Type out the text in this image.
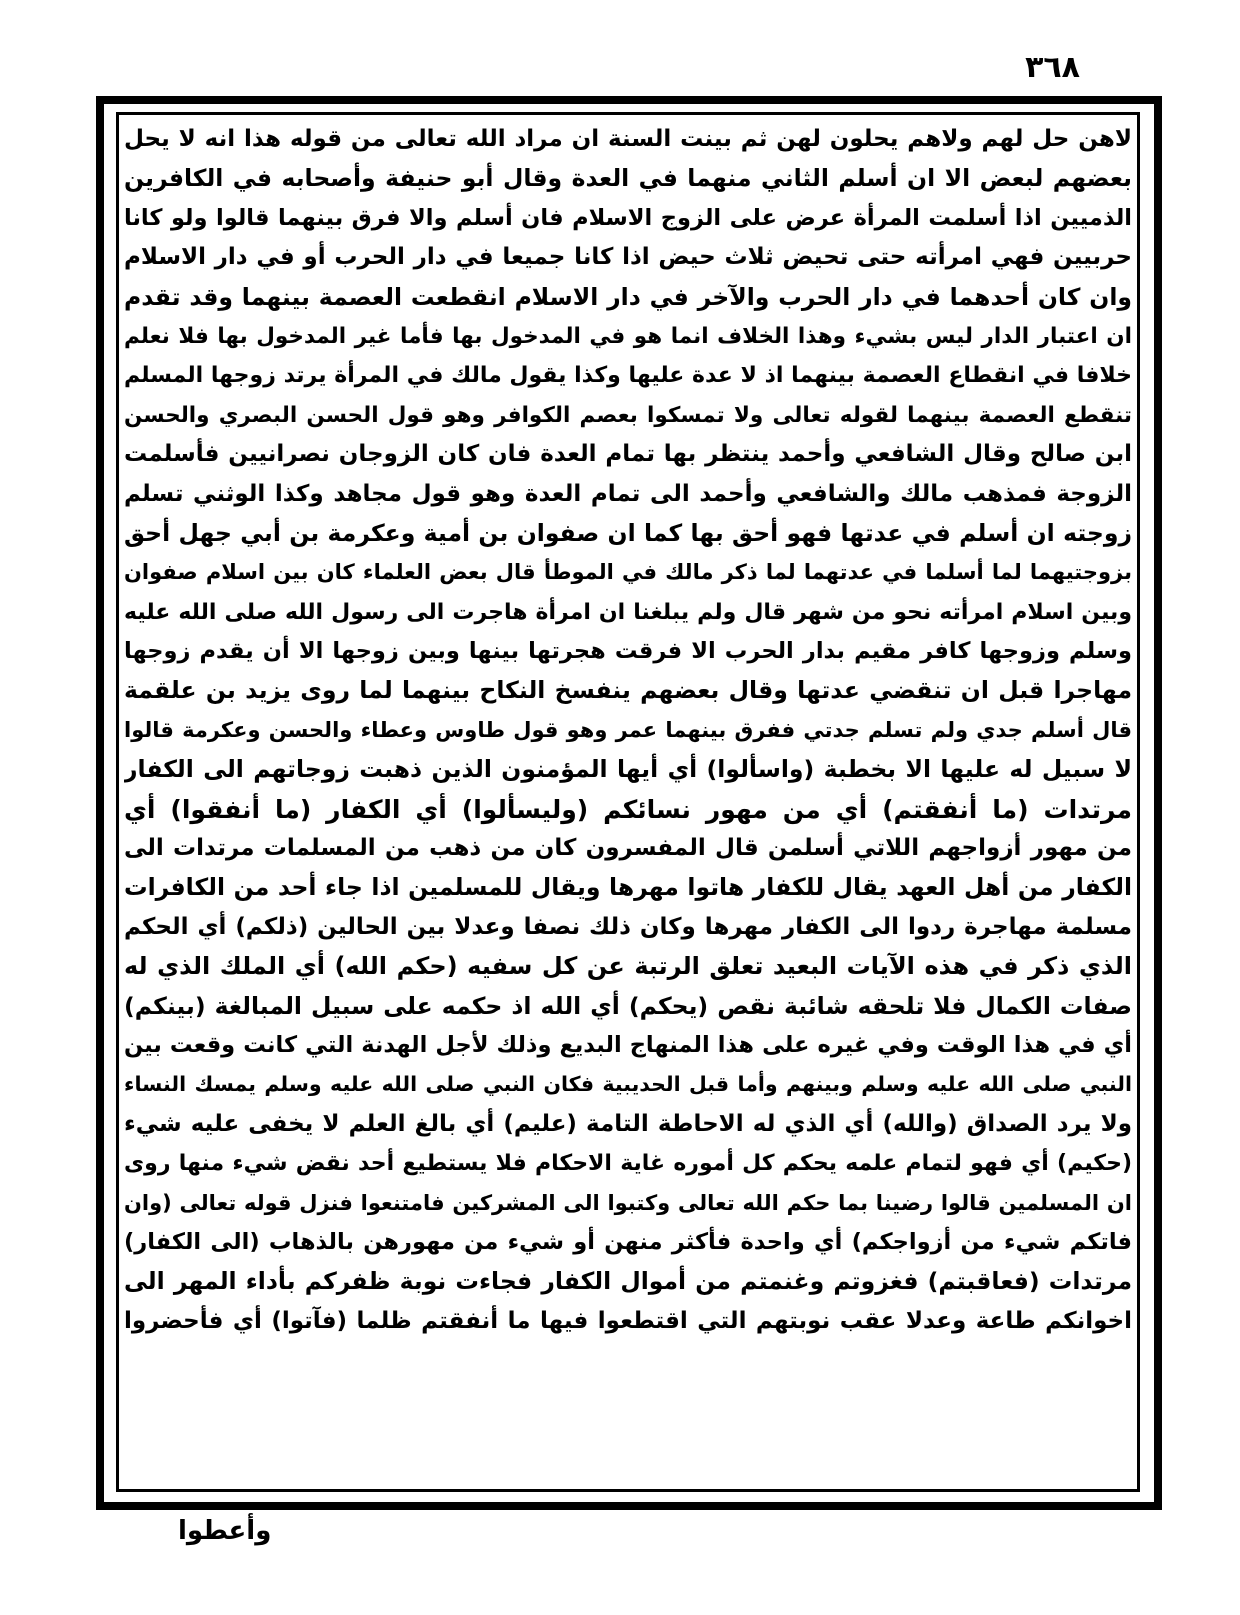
٣٦٨
لاهن حل لهم ولاهم يحلون لهن ثم بينت السنة ان مراد الله تعالى من قوله هذا انه لا يحل
بعضهم لبعض الا ان أسلم الثاني منهما في العدة وقال أبو حنيفة وأصحابه في الكافرين
الذميين اذا أسلمت المرأة عرض على الزوج الاسلام فان أسلم والا فرق بينهما قالوا ولو كانا
حربيين فهي امرأته حتى تحيض ثلاث حيض اذا كانا جميعا في دار الحرب أو في دار الاسلام
وان كان أحدهما في دار الحرب والآخر في دار الاسلام انقطعت العصمة بينهما وقد تقدم
ان اعتبار الدار ليس بشيء وهذا الخلاف انما هو في المدخول بها فأما غير المدخول بها فلا نعلم
خلافا في انقطاع العصمة بينهما اذ لا عدة عليها وكذا يقول مالك في المرأة يرتد زوجها المسلم
تنقطع العصمة بينهما لقوله تعالى ولا تمسكوا بعصم الكوافر وهو قول الحسن البصري والحسن
ابن صالح وقال الشافعي وأحمد ينتظر بها تمام العدة فان كان الزوجان نصرانيين فأسلمت
الزوجة فمذهب مالك والشافعي وأحمد الى تمام العدة وهو قول مجاهد وكذا الوثني تسلم
زوجته ان أسلم في عدتها فهو أحق بها كما ان صفوان بن أمية وعكرمة بن أبي جهل أحق
بزوجتيهما لما أسلما في عدتهما لما ذكر مالك في الموطأ قال بعض العلماء كان بين اسلام صفوان
وبين اسلام امرأته نحو من شهر قال ولم يبلغنا ان امرأة هاجرت الى رسول الله صلى الله عليه
وسلم وزوجها كافر مقيم بدار الحرب الا فرقت هجرتها بينها وبين زوجها الا أن يقدم زوجها
مهاجرا قبل ان تنقضي عدتها وقال بعضهم ينفسخ النكاح بينهما لما روى يزيد بن علقمة
قال أسلم جدي ولم تسلم جدتي ففرق بينهما عمر وهو قول طاوس وعطاء والحسن وعكرمة قالوا
لا سبيل له عليها الا بخطبة (واسألوا) أي أيها المؤمنون الذين ذهبت زوجاتهم الى الكفار
مرتدات (ما أنفقتم) أي من مهور نسائكم (وليسألوا) أي الكفار (ما أنفقوا) أي
من مهور أزواجهم اللاتي أسلمن قال المفسرون كان من ذهب من المسلمات مرتدات الى
الكفار من أهل العهد يقال للكفار هاتوا مهرها ويقال للمسلمين اذا جاء أحد من الكافرات
مسلمة مهاجرة ردوا الى الكفار مهرها وكان ذلك نصفا وعدلا بين الحالين (ذلكم) أي الحكم
الذي ذكر في هذه الآيات البعيد تعلق الرتبة عن كل سفيه (حكم الله) أي الملك الذي له
صفات الكمال فلا تلحقه شائبة نقص (يحكم) أي الله اذ حكمه على سبيل المبالغة (بينكم)
أي في هذا الوقت وفي غيره على هذا المنهاج البديع وذلك لأجل الهدنة التي كانت وقعت بين
النبي صلى الله عليه وسلم وبينهم وأما قبل الحديبية فكان النبي صلى الله عليه وسلم يمسك النساء
ولا يرد الصداق (والله) أي الذي له الاحاطة التامة (عليم) أي بالغ العلم لا يخفى عليه شيء
(حكيم) أي فهو لتمام علمه يحكم كل أموره غاية الاحكام فلا يستطيع أحد نقض شيء منها روى
ان المسلمين قالوا رضينا بما حكم الله تعالى وكتبوا الى المشركين فامتنعوا فنزل قوله تعالى (وان
فاتكم شيء من أزواجكم) أي واحدة فأكثر منهن أو شيء من مهورهن بالذهاب (الى الكفار)
مرتدات (فعاقبتم) فغزوتم وغنمتم من أموال الكفار فجاءت نوبة ظفركم بأداء المهر الى
اخوانكم طاعة وعدلا عقب نوبتهم التي اقتطعوا فيها ما أنفقتم ظلما (فآتوا) أي فأحضروا
وأعطوا
